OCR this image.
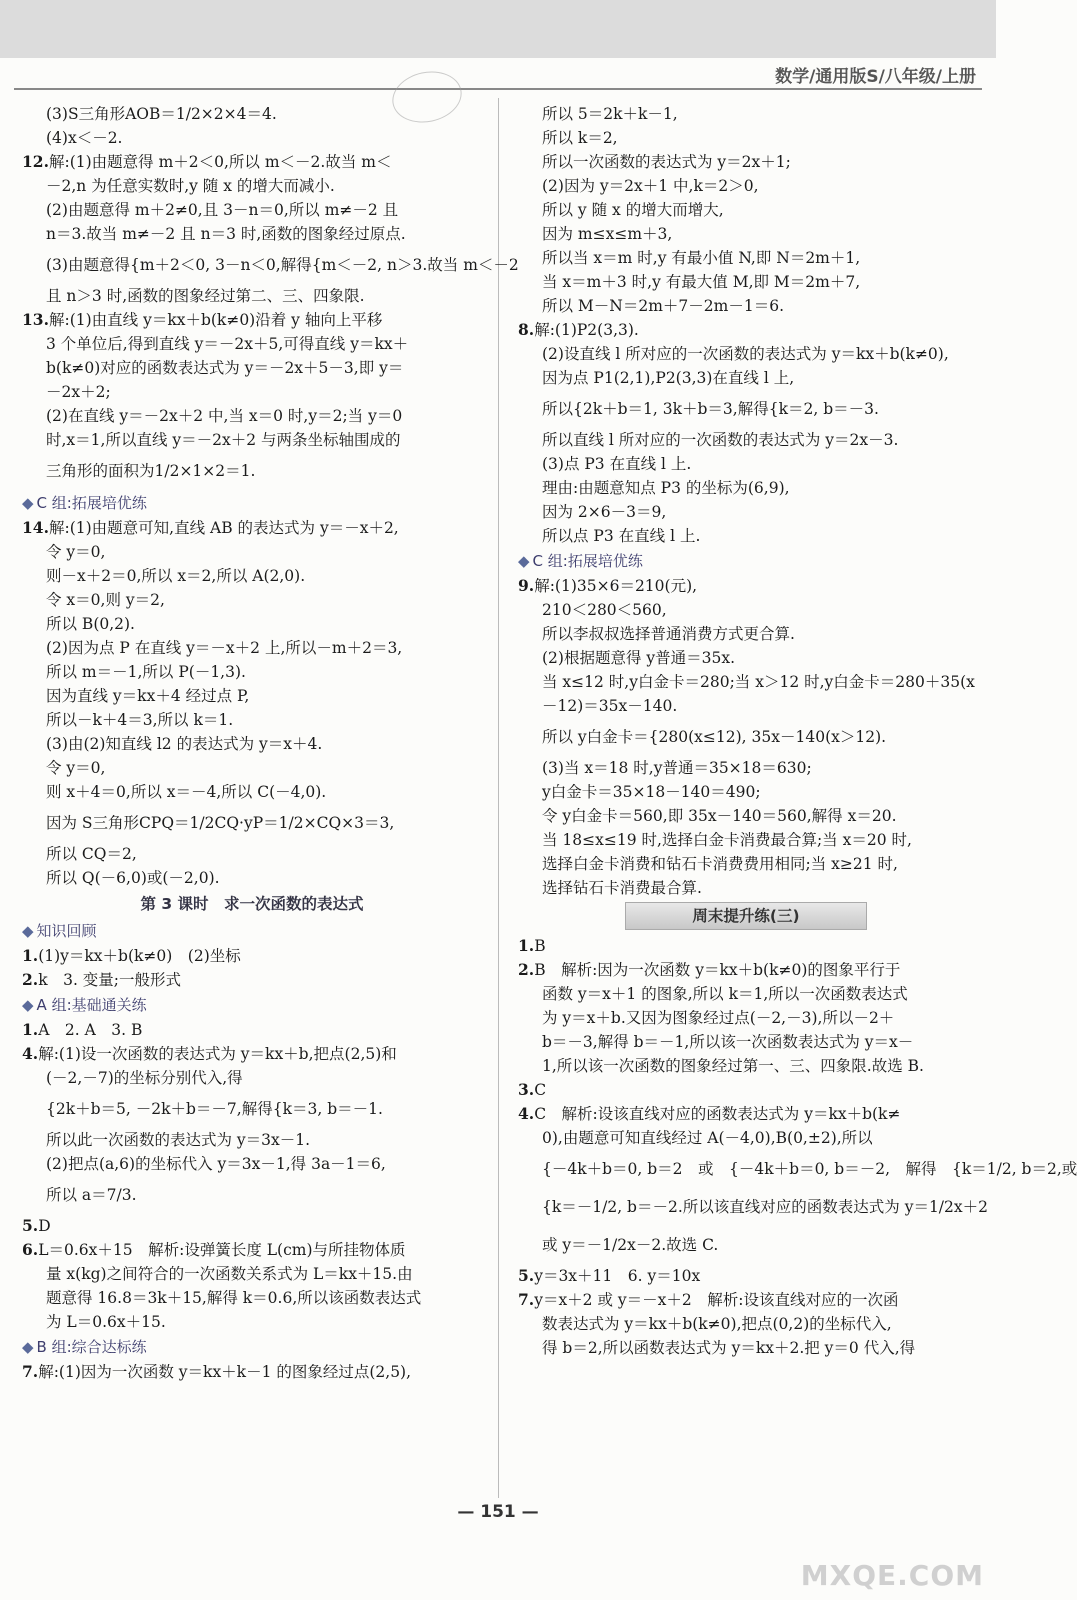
数学/通用版S/八年级/上册
(3)S三角形AOB＝1/2×2×4＝4.
(4)x＜－2.
12.解:(1)由题意得 m＋2＜0,所以 m＜－2.故当 m＜
－2,n 为任意实数时,y 随 x 的增大而减小.
(2)由题意得 m＋2≠0,且 3－n＝0,所以 m≠－2 且
n＝3.故当 m≠－2 且 n＝3 时,函数的图象经过原点.
(3)由题意得{m＋2＜0, 3－n＜0,解得{m＜－2, n＞3.故当 m＜－2
且 n＞3 时,函数的图象经过第二、三、四象限.
13.解:(1)由直线 y＝kx＋b(k≠0)沿着 y 轴向上平移
3 个单位后,得到直线 y＝－2x＋5,可得直线 y＝kx＋
b(k≠0)对应的函数表达式为 y＝－2x＋5－3,即 y＝
－2x＋2;
(2)在直线 y＝－2x＋2 中,当 x＝0 时,y＝2;当 y＝0
时,x＝1,所以直线 y＝－2x＋2 与两条坐标轴围成的
三角形的面积为1/2×1×2＝1.
◆ C 组:拓展培优练
14.解:(1)由题意可知,直线 AB 的表达式为 y＝－x＋2,
令 y＝0,
则－x＋2＝0,所以 x＝2,所以 A(2,0).
令 x＝0,则 y＝2,
所以 B(0,2).
(2)因为点 P 在直线 y＝－x＋2 上,所以－m＋2＝3,
所以 m＝－1,所以 P(－1,3).
因为直线 y＝kx＋4 经过点 P,
所以－k＋4＝3,所以 k＝1.
(3)由(2)知直线 l2 的表达式为 y＝x＋4.
令 y＝0,
则 x＋4＝0,所以 x＝－4,所以 C(－4,0).
因为 S三角形CPQ＝1/2CQ·yP＝1/2×CQ×3＝3,
所以 CQ＝2,
所以 Q(－6,0)或(－2,0).
第 3 课时　求一次函数的表达式
◆ 知识回顾
1.(1)y＝kx＋b(k≠0)　(2)坐标
2.k　3. 变量;一般形式
◆ A 组:基础通关练
1.A　2. A　3. B
4.解:(1)设一次函数的表达式为 y＝kx＋b,把点(2,5)和
(－2,－7)的坐标分别代入,得
{2k＋b＝5, －2k＋b＝－7,解得{k＝3, b＝－1.
所以此一次函数的表达式为 y＝3x－1.
(2)把点(a,6)的坐标代入 y＝3x－1,得 3a－1＝6,
所以 a＝7/3.
5.D
6.L＝0.6x＋15　解析:设弹簧长度 L(cm)与所挂物体质
量 x(kg)之间符合的一次函数关系式为 L＝kx＋15.由
题意得 16.8＝3k＋15,解得 k＝0.6,所以该函数表达式
为 L＝0.6x＋15.
◆ B 组:综合达标练
7.解:(1)因为一次函数 y＝kx＋k－1 的图象经过点(2,5),
所以 5＝2k＋k－1,
所以 k＝2,
所以一次函数的表达式为 y＝2x＋1;
(2)因为 y＝2x＋1 中,k＝2＞0,
所以 y 随 x 的增大而增大,
因为 m≤x≤m＋3,
所以当 x＝m 时,y 有最小值 N,即 N＝2m＋1,
当 x＝m＋3 时,y 有最大值 M,即 M＝2m＋7,
所以 M－N＝2m＋7－2m－1＝6.
8.解:(1)P2(3,3).
(2)设直线 l 所对应的一次函数的表达式为 y＝kx＋b(k≠0),
因为点 P1(2,1),P2(3,3)在直线 l 上,
所以{2k＋b＝1, 3k＋b＝3,解得{k＝2, b＝－3.
所以直线 l 所对应的一次函数的表达式为 y＝2x－3.
(3)点 P3 在直线 l 上.
理由:由题意知点 P3 的坐标为(6,9),
因为 2×6－3＝9,
所以点 P3 在直线 l 上.
◆ C 组:拓展培优练
9.解:(1)35×6＝210(元),
210＜280＜560,
所以李叔叔选择普通消费方式更合算.
(2)根据题意得 y普通＝35x.
当 x≤12 时,y白金卡＝280;当 x＞12 时,y白金卡＝280＋35(x
－12)＝35x－140.
所以 y白金卡＝{280(x≤12), 35x－140(x＞12).
(3)当 x＝18 时,y普通＝35×18＝630;
y白金卡＝35×18－140＝490;
令 y白金卡＝560,即 35x－140＝560,解得 x＝20.
当 18≤x≤19 时,选择白金卡消费最合算;当 x＝20 时,
选择白金卡消费和钻石卡消费费用相同;当 x≥21 时,
选择钻石卡消费最合算.
周末提升练(三)
1.B
2.B　解析:因为一次函数 y＝kx＋b(k≠0)的图象平行于
函数 y＝x＋1 的图象,所以 k＝1,所以一次函数表达式
为 y＝x＋b.又因为图象经过点(－2,－3),所以－2＋
b＝－3,解得 b＝－1,所以该一次函数表达式为 y＝x－
1,所以该一次函数的图象经过第一、三、四象限.故选 B.
3.C
4.C　解析:设该直线对应的函数表达式为 y＝kx＋b(k≠
0),由题意可知直线经过 A(－4,0),B(0,±2),所以
{－4k＋b＝0, b＝2　或　{－4k＋b＝0, b＝－2,　解得　{k＝1/2, b＝2,或
{k＝－1/2, b＝－2.所以该直线对应的函数表达式为 y＝1/2x＋2
或 y＝－1/2x－2.故选 C.
5.y＝3x＋11　6. y＝10x
7.y＝x＋2 或 y＝－x＋2　解析:设该直线对应的一次函
数表达式为 y＝kx＋b(k≠0),把点(0,2)的坐标代入,
得 b＝2,所以函数表达式为 y＝kx＋2.把 y＝0 代入,得
— 151 —
MXQE.COM
